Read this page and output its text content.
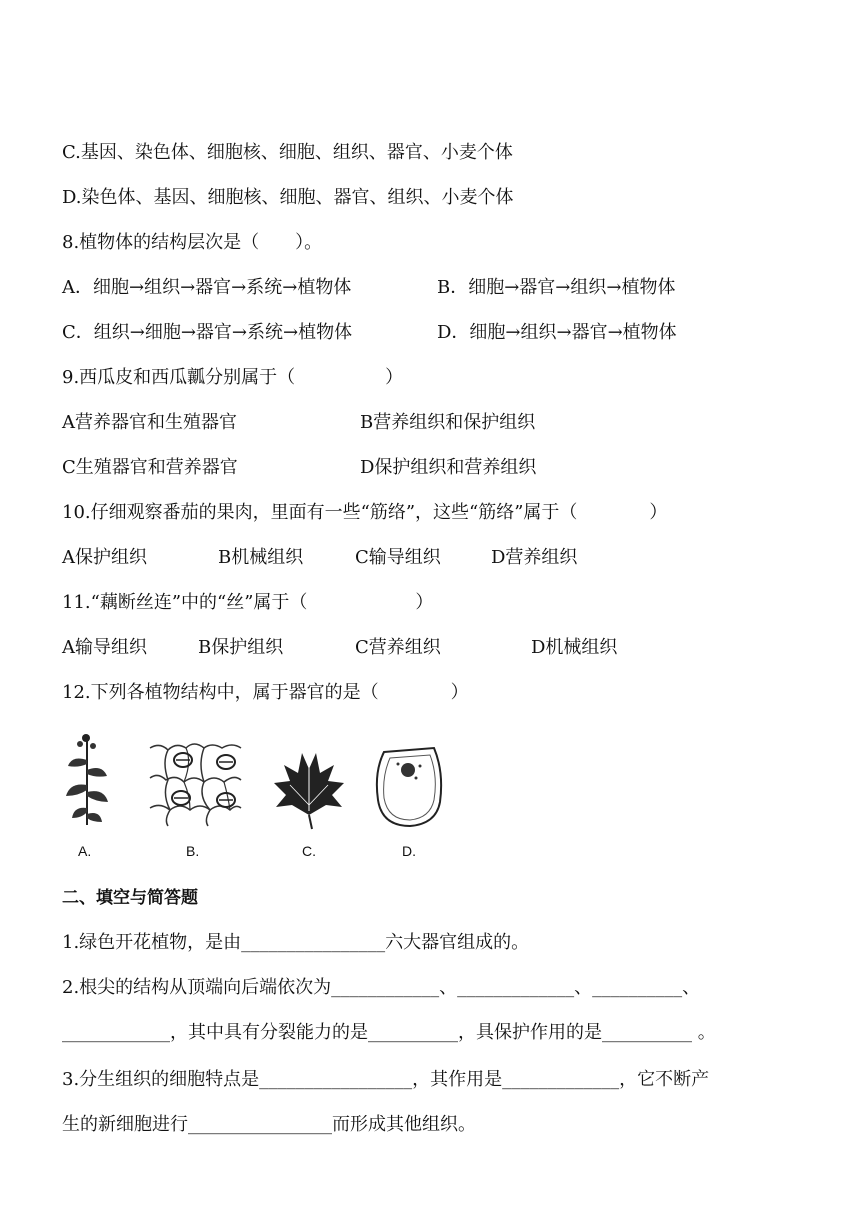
C.基因、染色体、细胞核、细胞、组织、器官、小麦个体
D.染色体、基因、细胞核、细胞、器官、组织、小麦个体
8.植物体的结构层次是（　　）。
A．细胞→组织→器官→系统→植物体	B．细胞→器官→组织→植物体
C．组织→细胞→器官→系统→植物体	D．细胞→组织→器官→植物体
9.西瓜皮和西瓜瓤分别属于（　　　　　）
A营养器官和生殖器官	B营养组织和保护组织
C生殖器官和营养器官	D保护组织和营养组织
10.仔细观察番茄的果肉，里面有一些“筋络”，这些“筋络”属于（　　　　）
A保护组织	B机械组织	C输导组织	D营养组织
11.“藕断丝连”中的“丝”属于（　　　　　　）
A输导组织	B保护组织	C营养组织	D机械组织
12.下列各植物结构中，属于器官的是（　　　　）
A.	B.	C.	D.
二、填空与简答题
1.绿色开花植物，是由________________六大器官组成的。
2.根尖的结构从顶端向后端依次为____________、_____________、__________、
____________，其中具有分裂能力的是__________，具保护作用的是__________ 。
3.分生组织的细胞特点是_________________，其作用是_____________，它不断产
生的新细胞进行________________而形成其他组织。
